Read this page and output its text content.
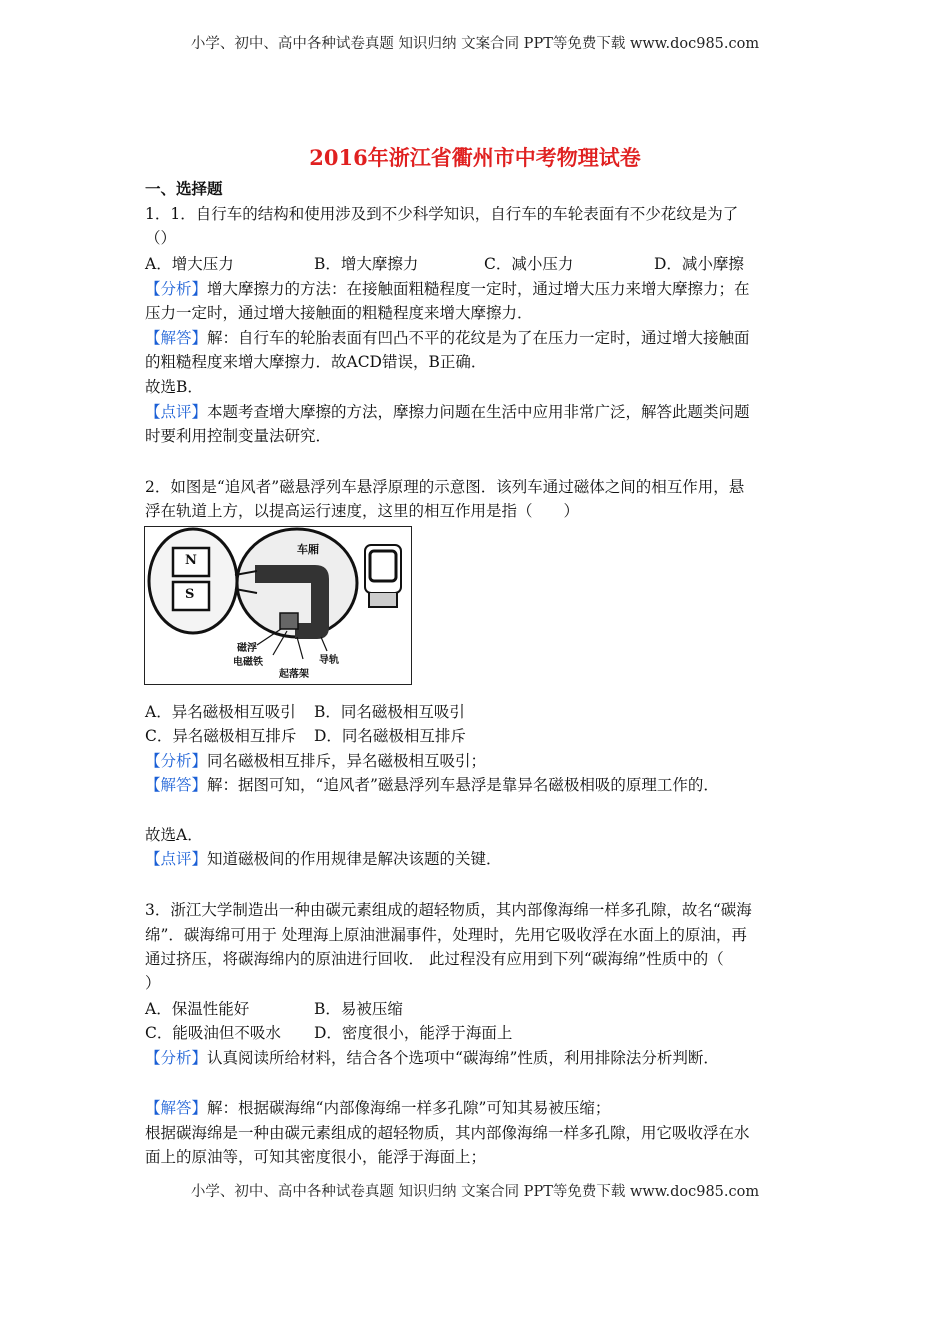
小学、初中、高中各种试卷真题 知识归纳 文案合同 PPT等免费下载 www.doc985.com
2016年浙江省衢州市中考物理试卷
一、选择题
1．1．自行车的结构和使用涉及到不少科学知识，自行车的车轮表面有不少花纹是为了
（）
A．增大压力	B．增大摩擦力	C．减小压力	D．减小摩擦
【分析】增大摩擦力的方法：在接触面粗糙程度一定时，通过增大压力来增大摩擦力；在
压力一定时，通过增大接触面的粗糙程度来增大摩擦力．
【解答】解：自行车的轮胎表面有凹凸不平的花纹是为了在压力一定时，通过增大接触面
的粗糙程度来增大摩擦力．故ACD错误，B正确．
故选B．
【点评】本题考查增大摩擦的方法，摩擦力问题在生活中应用非常广泛，解答此题类问题
时要利用控制变量法研究．
2．如图是“追风者”磁悬浮列车悬浮原理的示意图．该列车通过磁体之间的相互作用，悬
浮在轨道上方，以提高运行速度，这里的相互作用是指（　　）
N
S
车厢
磁浮
电磁铁
起落架
导轨
A．异名磁极相互吸引 B．同名磁极相互吸引
C．异名磁极相互排斥 D．同名磁极相互排斥
【分析】同名磁极相互排斥，异名磁极相互吸引；
【解答】解：据图可知，“追风者”磁悬浮列车悬浮是靠异名磁极相吸的原理工作的．
故选A．
【点评】知道磁极间的作用规律是解决该题的关键．
3．浙江大学制造出一种由碳元素组成的超轻物质，其内部像海绵一样多孔隙，故名“碳海
绵”．碳海绵可用于 处理海上原油泄漏事件，处理时，先用它吸收浮在水面上的原油，再
通过挤压，将碳海绵内的原油进行回收． 此过程没有应用到下列“碳海绵”性质中的（
）
A．保温性能好	B．易被压缩
C．能吸油但不吸水 D．密度很小，能浮于海面上
【分析】认真阅读所给材料，结合各个选项中“碳海绵”性质，利用排除法分析判断．
【解答】解：根据碳海绵“内部像海绵一样多孔隙”可知其易被压缩；
根据碳海绵是一种由碳元素组成的超轻物质，其内部像海绵一样多孔隙，用它吸收浮在水
面上的原油等，可知其密度很小，能浮于海面上；
小学、初中、高中各种试卷真题 知识归纳 文案合同 PPT等免费下载 www.doc985.com
